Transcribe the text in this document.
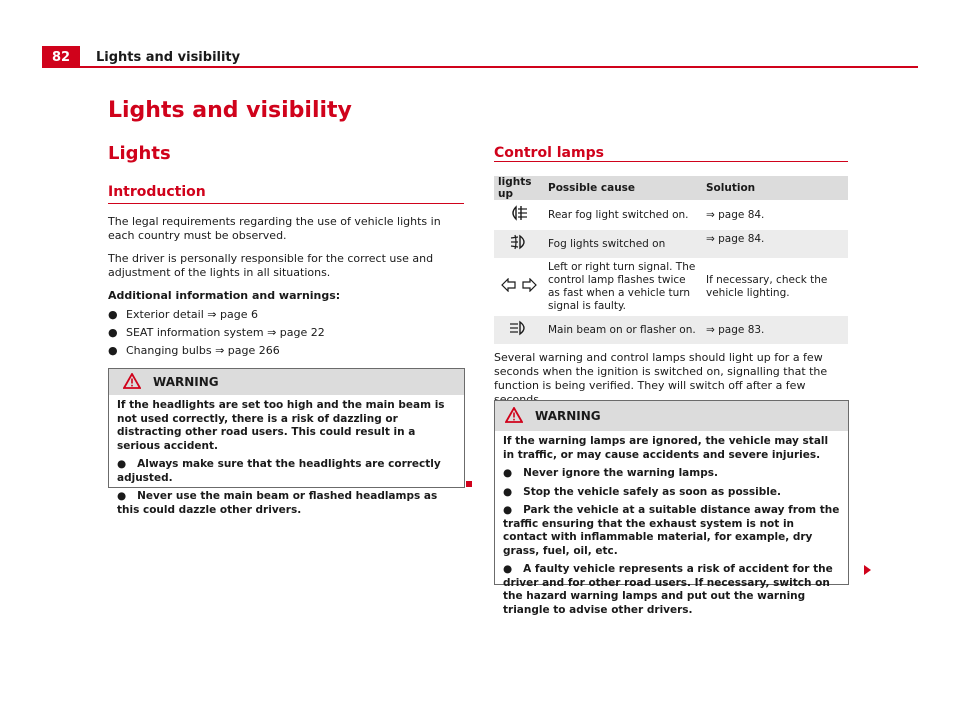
82	Lights and visibility
Lights and visibility
Lights
Introduction
The legal requirements regarding the use of vehicle lights in each country must be observed.
The driver is personally responsible for the correct use and adjustment of the lights in all situations.
Additional information and warnings:
● Exterior detail ⇒ page 6
● SEAT information system ⇒ page 22
● Changing bulbs ⇒ page 266
WARNING
If the headlights are set too high and the main beam is not used correctly, there is a risk of dazzling or distracting other road users. This could result in a serious accident.
●   Always make sure that the headlights are correctly adjusted.
●   Never use the main beam or flashed headlamps as this could dazzle other drivers.
Control lamps
lights up	Possible cause	Solution
	Rear fog light switched on.	⇒ page 84.
	Fog lights switched on	⇒ page 84.
	Left or right turn signal. The control lamp flashes twice as fast when a vehicle turn signal is faulty.	If necessary, check the vehicle lighting.
	Main beam on or flasher on.	⇒ page 83.
Several warning and control lamps should light up for a few seconds when the ignition is switched on, signalling that the function is being verified. They will switch off after a few
WARNING
If the warning lamps are ignored, the vehicle may stall in traffic, or may cause accidents and severe injuries.
●   Never ignore the warning lamps.
●   Stop the vehicle safely as soon as possible.
●   Park the vehicle at a suitable distance away from the traffic ensuring that the exhaust system is not in contact with inflammable material, for example, dry grass, fuel, oil, etc.
●   A faulty vehicle represents a risk of accident for the driver and for other road users. If necessary, switch on the hazard warning lamps and put out the warning triangle to advise other drivers.
